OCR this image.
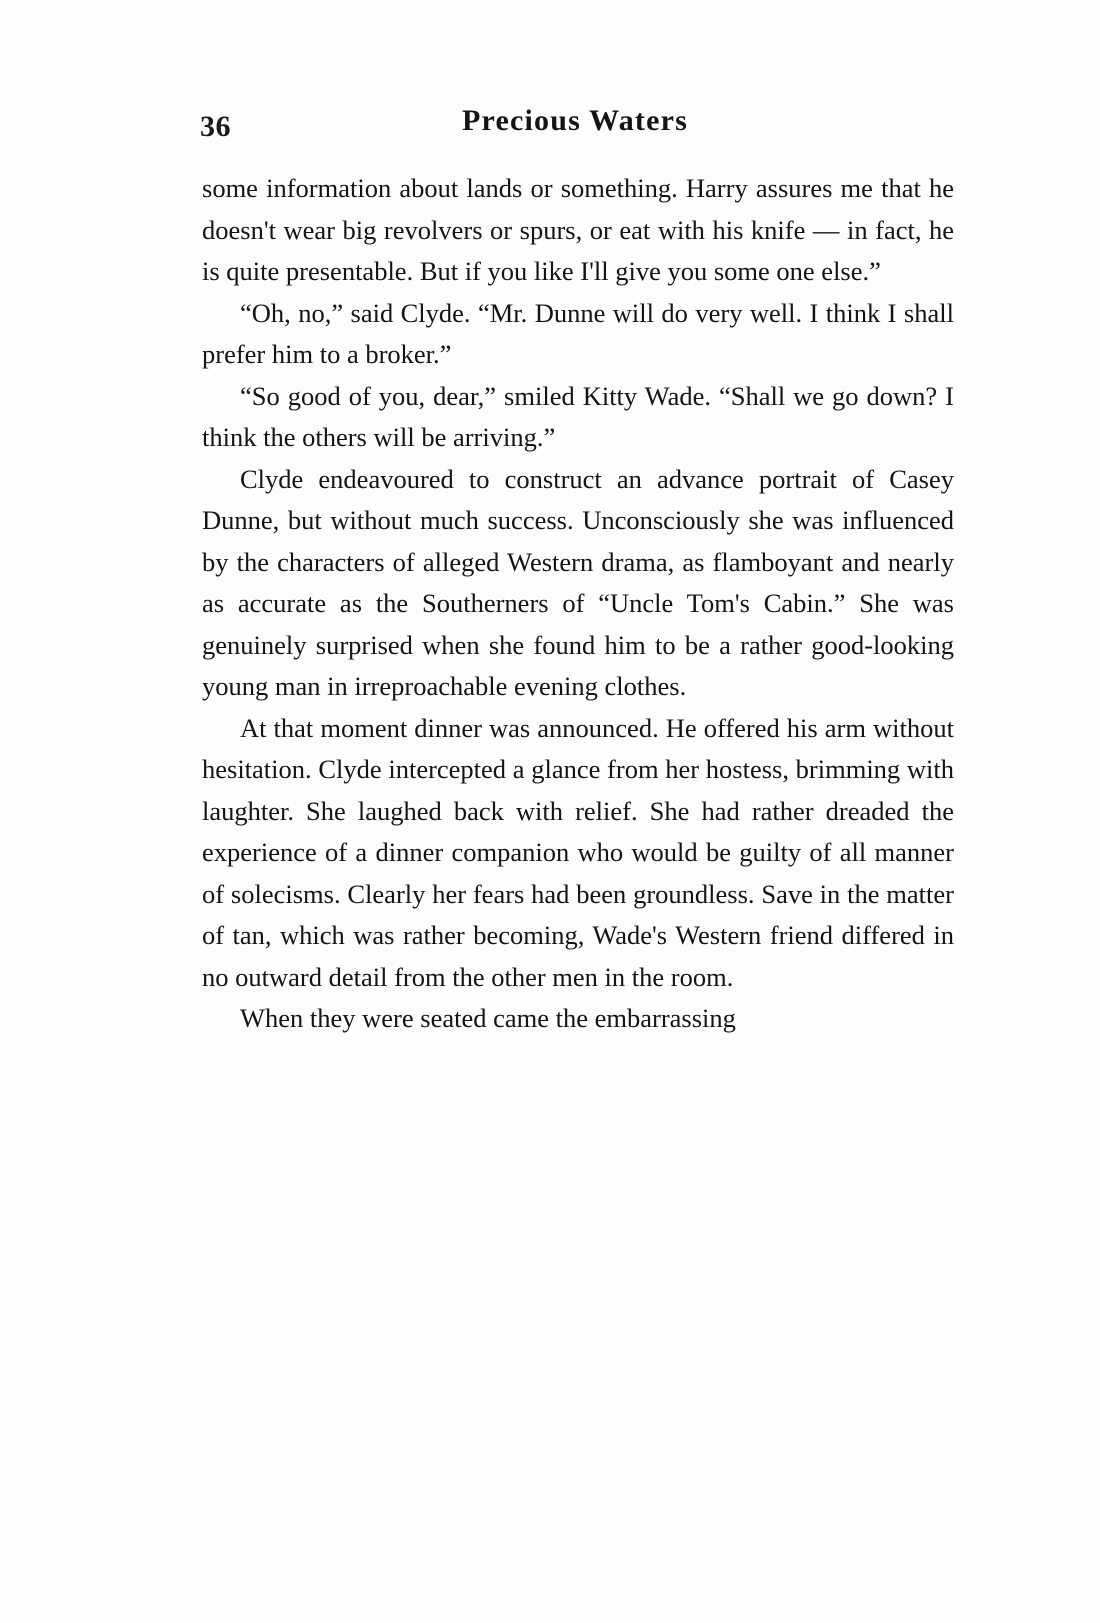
36	Precious Waters

some information about lands or something. Harry assures me that he doesn't wear big revolvers or spurs, or eat with his knife — in fact, he is quite presentable. But if you like I'll give you some one else.”

“Oh, no,” said Clyde. “Mr. Dunne will do very well. I think I shall prefer him to a broker.”

“So good of you, dear,” smiled Kitty Wade. “Shall we go down? I think the others will be arriving.”

Clyde endeavoured to construct an advance portrait of Casey Dunne, but without much success. Unconsciously she was influenced by the characters of alleged Western drama, as flamboyant and nearly as accurate as the Southerners of “Uncle Tom's Cabin.” She was genuinely surprised when she found him to be a rather good-looking young man in irreproachable evening clothes.

At that moment dinner was announced. He offered his arm without hesitation. Clyde intercepted a glance from her hostess, brimming with laughter. She laughed back with relief. She had rather dreaded the experience of a dinner companion who would be guilty of all manner of solecisms. Clearly her fears had been groundless. Save in the matter of tan, which was rather becoming, Wade's Western friend differed in no outward detail from the other men in the room.

When they were seated came the embarrassing
